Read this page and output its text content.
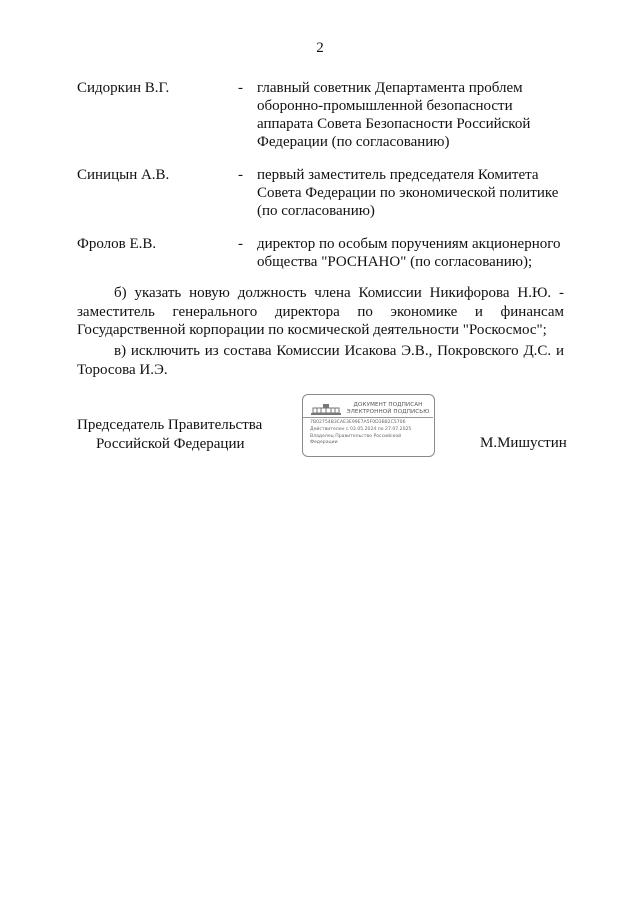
2
Сидоркин В.Г.	- главный советник Департамента проблем
оборонно-промышленной безопасности
аппарата Совета Безопасности Российской
Федерации (по согласованию)
Синицын А.В.	- первый заместитель председателя Комитета
Совета Федерации по экономической политике
(по согласованию)
Фролов Е.В.	- директор по особым поручениям акционерного
общества "РОСНАНО" (по согласованию);
б) указать новую должность члена Комиссии Никифорова Н.Ю. - заместитель генерального директора по экономике и финансам Государственной корпорации по космической деятельности "Роскосмос";
в) исключить из состава Комиссии Исакова Э.В., Покровского Д.С. и Торосова И.Э.
Председатель Правительства
Российской Федерации
ДОКУМЕНТ ПОДПИСАН
ЭЛЕКТРОННОЙ ПОДПИСЬЮ
7B02754B3CAE3E99E7A5F0D3B82C5706
Действителен с 03.05.2024 по 27.07.2025
Владелец Правительство Российской
Федерации	М.Мишустин
